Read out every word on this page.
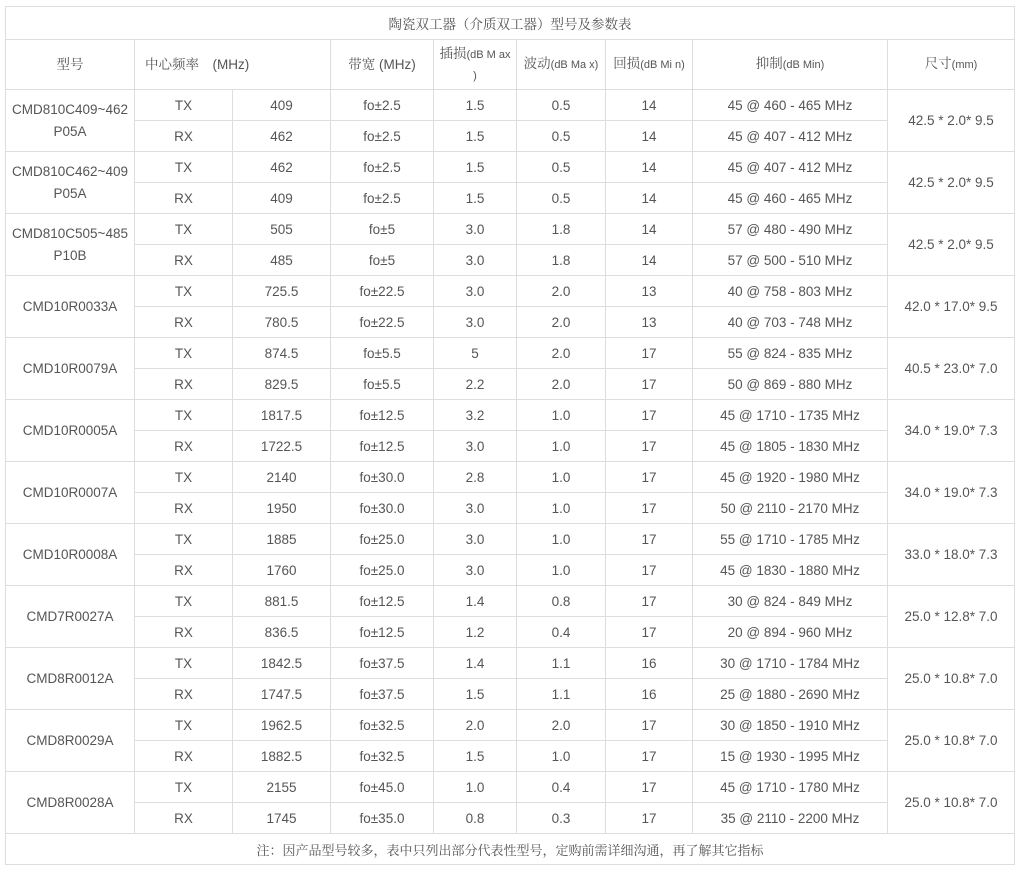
陶瓷双工器（介质双工器）型号及参数表								
型号	中心频率　(MHz)		带宽 (MHz)	插损(dB M ax )	波动(dB Ma x)	回损(dB Mi n)	抑制(dB Min)	尺寸(mm)
CMD810C409~462P05A	TX	409	fo±2.5	1.5	0.5	14	45 @ 460 - 465 MHz	42.5 * 2.0* 9.5
	RX	462	fo±2.5	1.5	0.5	14	45 @ 407 - 412 MHz	
CMD810C462~409P05A	TX	462	fo±2.5	1.5	0.5	14	45 @ 407 - 412 MHz	42.5 * 2.0* 9.5
	RX	409	fo±2.5	1.5	0.5	14	45 @ 460 - 465 MHz	
CMD810C505~485P10B	TX	505	fo±5	3.0	1.8	14	57 @ 480 - 490 MHz	42.5 * 2.0* 9.5
	RX	485	fo±5	3.0	1.8	14	57 @ 500 - 510 MHz	
CMD10R0033A	TX	725.5	fo±22.5	3.0	2.0	13	40 @ 758 - 803 MHz	42.0 * 17.0* 9.5
	RX	780.5	fo±22.5	3.0	2.0	13	40 @ 703 - 748 MHz	
CMD10R0079A	TX	874.5	fo±5.5	5	2.0	17	55 @ 824 - 835 MHz	40.5 * 23.0* 7.0
	RX	829.5	fo±5.5	2.2	2.0	17	50 @ 869 - 880 MHz	
CMD10R0005A	TX	1817.5	fo±12.5	3.2	1.0	17	45 @ 1710 - 1735 MHz	34.0 * 19.0* 7.3
	RX	1722.5	fo±12.5	3.0	1.0	17	45 @ 1805 - 1830 MHz	
CMD10R0007A	TX	2140	fo±30.0	2.8	1.0	17	45 @ 1920 - 1980 MHz	34.0 * 19.0* 7.3
	RX	1950	fo±30.0	3.0	1.0	17	50 @ 2110 - 2170 MHz	
CMD10R0008A	TX	1885	fo±25.0	3.0	1.0	17	55 @ 1710 - 1785 MHz	33.0 * 18.0* 7.3
	RX	1760	fo±25.0	3.0	1.0	17	45 @ 1830 - 1880 MHz	
CMD7R0027A	TX	881.5	fo±12.5	1.4	0.8	17	30 @ 824 - 849 MHz	25.0 * 12.8* 7.0
	RX	836.5	fo±12.5	1.2	0.4	17	20 @ 894 - 960 MHz	
CMD8R0012A	TX	1842.5	fo±37.5	1.4	1.1	16	30 @ 1710 - 1784 MHz	25.0 * 10.8* 7.0
	RX	1747.5	fo±37.5	1.5	1.1	16	25 @ 1880 - 2690 MHz	
CMD8R0029A	TX	1962.5	fo±32.5	2.0	2.0	17	30 @ 1850 - 1910 MHz	25.0 * 10.8* 7.0
	RX	1882.5	fo±32.5	1.5	1.0	17	15 @ 1930 - 1995 MHz	
CMD8R0028A	TX	2155	fo±45.0	1.0	0.4	17	45 @ 1710 - 1780 MHz	25.0 * 10.8* 7.0
	RX	1745	fo±35.0	0.8	0.3	17	35 @ 2110 - 2200 MHz	
注：因产品型号较多，表中只列出部分代表性型号，定购前需详细沟通，再了解其它指标								
